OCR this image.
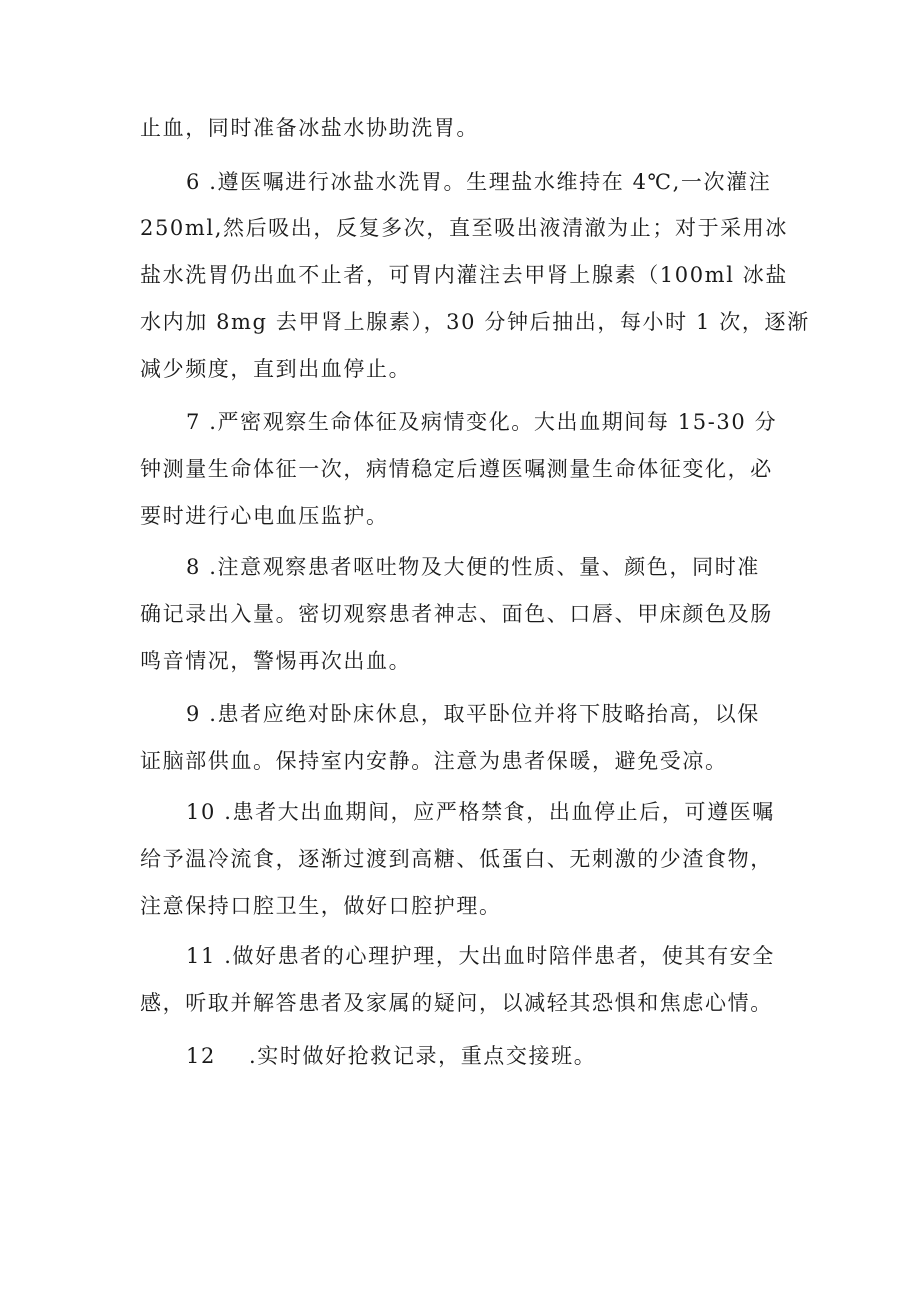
止血，同时准备冰盐水协助洗胃。
6 .遵医嘱进行冰盐水洗胃。生理盐水维持在 4℃,一次灌注
250ml,然后吸出，反复多次，直至吸出液清澈为止；对于采用冰
盐水洗胃仍出血不止者，可胃内灌注去甲肾上腺素（100ml 冰盐
水内加 8mg 去甲肾上腺素），30 分钟后抽出，每小时 1 次，逐渐
减少频度，直到出血停止。
7 .严密观察生命体征及病情变化。大出血期间每 15-30 分
钟测量生命体征一次，病情稳定后遵医嘱测量生命体征变化，必
要时进行心电血压监护。
8 .注意观察患者呕吐物及大便的性质、量、颜色，同时准
确记录出入量。密切观察患者神志、面色、口唇、甲床颜色及肠
鸣音情况，警惕再次出血。
9 .患者应绝对卧床休息，取平卧位并将下肢略抬高，以保
证脑部供血。保持室内安静。注意为患者保暖，避免受凉。
10 .患者大出血期间，应严格禁食，出血停止后，可遵医嘱
给予温冷流食，逐渐过渡到高糖、低蛋白、无刺激的少渣食物，
注意保持口腔卫生，做好口腔护理。
11 .做好患者的心理护理，大出血时陪伴患者，使其有安全
感，听取并解答患者及家属的疑问，以减轻其恐惧和焦虑心情。
12    .实时做好抢救记录，重点交接班。
